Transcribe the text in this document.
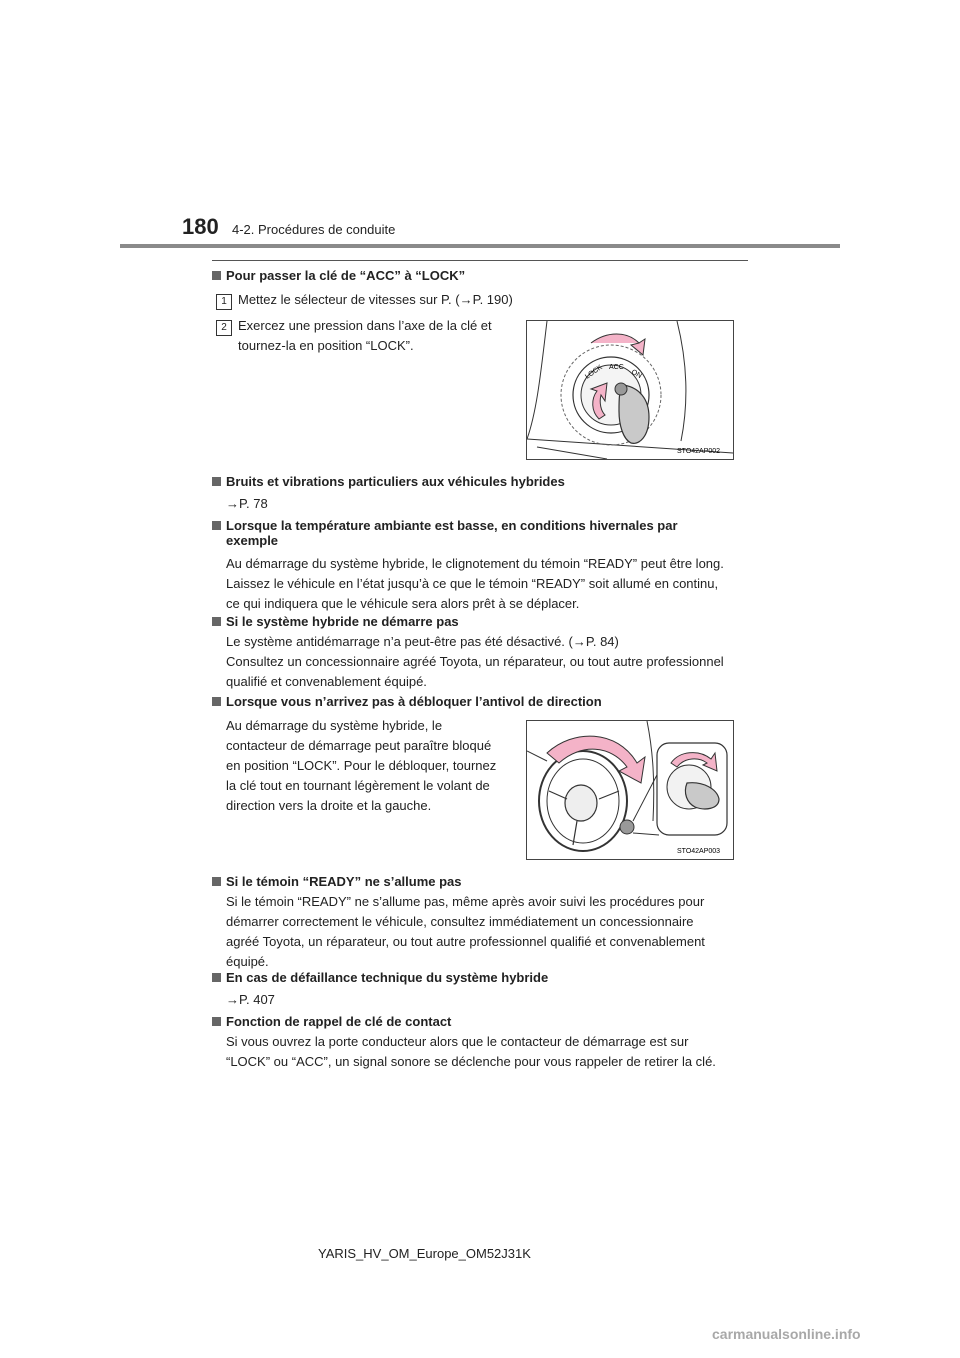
180 4-2. Procédures de conduite
Pour passer la clé de “ACC” à “LOCK”
1 Mettez le sélecteur de vitesses sur P. (→P. 190)
2 Exercez une pression dans l’axe de la clé et
tournez-la en position “LOCK”.
LOCK ACC
ON
STO42AP002
Bruits et vibrations particuliers aux véhicules hybrides
→P. 78
Lorsque la température ambiante est basse, en conditions hivernales par
exemple
Au démarrage du système hybride, le clignotement du témoin “READY” peut être long.
Laissez le véhicule en l’état jusqu’à ce que le témoin “READY” soit allumé en continu,
ce qui indiquera que le véhicule sera alors prêt à se déplacer.
Si le système hybride ne démarre pas
Le système antidémarrage n’a peut-être pas été désactivé. (→P. 84)
Consultez un concessionnaire agréé Toyota, un réparateur, ou tout autre professionnel
qualifié et convenablement équipé.
Lorsque vous n’arrivez pas à débloquer l’antivol de direction
Au démarrage du système hybride, le
contacteur de démarrage peut paraître bloqué
en position “LOCK”. Pour le débloquer, tournez
la clé tout en tournant légèrement le volant de
direction vers la droite et la gauche.
STO42AP003
Si le témoin “READY” ne s’allume pas
Si le témoin “READY” ne s’allume pas, même après avoir suivi les procédures pour
démarrer correctement le véhicule, consultez immédiatement un concessionnaire
agréé Toyota, un réparateur, ou tout autre professionnel qualifié et convenablement
équipé.
En cas de défaillance technique du système hybride
→P. 407
Fonction de rappel de clé de contact
Si vous ouvrez la porte conducteur alors que le contacteur de démarrage est sur
“LOCK” ou “ACC”, un signal sonore se déclenche pour vous rappeler de retirer la clé.
YARIS_HV_OM_Europe_OM52J31K
carmanualsonline.info
